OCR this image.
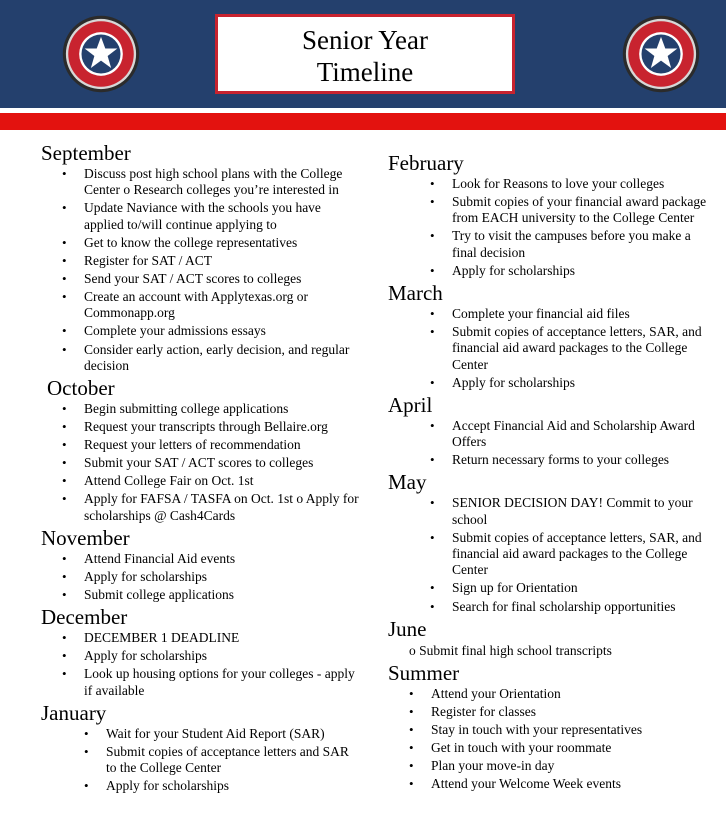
Senior Year
Timeline
September
• Discuss post high school plans with the College Center o Research colleges you’re interested in
• Update Naviance with the schools you have applied to/will continue applying to
• Get to know the college representatives
• Register for SAT / ACT
• Send your SAT / ACT scores to colleges
• Create an account with Applytexas.org or Commonapp.org
• Complete your admissions essays
• Consider early action, early decision, and regular decision
October
• Begin submitting college applications
• Request your transcripts through Bellaire.org
• Request your letters of recommendation
• Submit your SAT / ACT scores to colleges
• Attend College Fair on Oct. 1st
• Apply for FAFSA / TASFA on Oct. 1st o Apply for scholarships @ Cash4Cards
November
• Attend Financial Aid events
• Apply for scholarships
• Submit college applications
December
• DECEMBER 1 DEADLINE
• Apply for scholarships
• Look up housing options for your colleges - apply if available
January
• Wait for your Student Aid Report (SAR)
• Submit copies of acceptance letters and SAR to the College Center
• Apply for scholarships
February
• Look for Reasons to love your colleges
• Submit copies of your financial award package from EACH university to the College Center
• Try to visit the campuses before you make a final decision
• Apply for scholarships
March
• Complete your financial aid files
• Submit copies of acceptance letters, SAR, and financial aid award packages to the College Center
• Apply for scholarships
April
• Accept Financial Aid and Scholarship Award Offers
• Return necessary forms to your colleges
May
• SENIOR DECISION DAY! Commit to your school
• Submit copies of acceptance letters, SAR, and financial aid award packages to the College Center
• Sign up for Orientation
• Search for final scholarship opportunities
June
o Submit final high school transcripts
Summer
• Attend your Orientation
• Register for classes
• Stay in touch with your representatives
• Get in touch with your roommate
• Plan your move-in day
• Attend your Welcome Week events
